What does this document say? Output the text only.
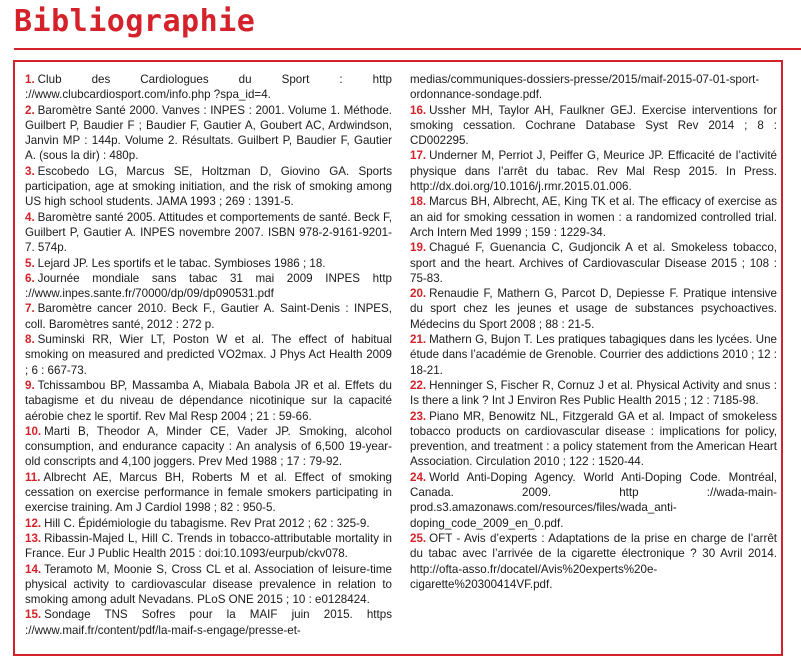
Bibliographie
1. Club des Cardiologues du Sport : http ://www.clubcardiosport.com/info.php ?spa_id=4.
2. Baromètre Santé 2000. Vanves : INPES : 2001. Volume 1. Méthode. Guilbert P, Baudier F ; Baudier F, Gautier A, Goubert AC, Ardwindson, Janvin MP : 144p. Volume 2. Résultats. Guilbert P, Baudier F, Gautier A. (sous la dir) : 480p.
3. Escobedo LG, Marcus SE, Holtzman D, Giovino GA. Sports participation, age at smoking initiation, and the risk of smoking among US high school students. JAMA 1993 ; 269 : 1391-5.
4. Baromètre santé 2005. Attitudes et comportements de santé. Beck F, Guilbert P, Gautier A. INPES novembre 2007. ISBN 978-2-9161-9201-7. 574p.
5. Lejard JP. Les sportifs et le tabac. Symbioses 1986 ; 18.
6. Journée mondiale sans tabac 31 mai 2009 INPES http ://www.inpes.sante.fr/70000/dp/09/dp090531.pdf
7. Baromètre cancer 2010. Beck F., Gautier A. Saint-Denis : INPES, coll. Baromètres santé, 2012 : 272 p.
8. Suminski RR, Wier LT, Poston W et al. The effect of habitual smoking on measured and predicted VO2max. J Phys Act Health 2009 ; 6 : 667-73.
9. Tchissambou BP, Massamba A, Miabala Babola JR et al. Effets du tabagisme et du niveau de dépendance nicotinique sur la capacité aérobie chez le sportif. Rev Mal Resp 2004 ; 21 : 59-66.
10. Marti B, Theodor A, Minder CE, Vader JP. Smoking, alcohol consumption, and endurance capacity : An analysis of 6,500 19-year-old conscripts and 4,100 joggers. Prev Med 1988 ; 17 : 79-92.
11. Albrecht AE, Marcus BH, Roberts M et al. Effect of smoking cessation on exercise performance in female smokers participating in exercise training. Am J Cardiol 1998 ; 82 : 950-5.
12. Hill C. Épidémiologie du tabagisme. Rev Prat 2012 ; 62 : 325-9.
13. Ribassin-Majed L, Hill C. Trends in tobacco-attributable mortality in France. Eur J Public Health 2015 : doi:10.1093/eurpub/ckv078.
14. Teramoto M, Moonie S, Cross CL et al. Association of leisure-time physical activity to cardiovascular disease prevalence in relation to smoking among adult Nevadans. PLoS ONE 2015 ; 10 : e0128424.
15. Sondage TNS Sofres pour la MAIF juin 2015. https ://www.maif.fr/content/pdf/la-maif-s-engage/presse-et-medias/communiques-dossiers-presse/2015/maif-2015-07-01-sport-ordonnance-sondage.pdf.
16. Ussher MH, Taylor AH, Faulkner GEJ. Exercise interventions for smoking cessation. Cochrane Database Syst Rev 2014 ; 8 : CD002295.
17. Underner M, Perriot J, Peiffer G, Meurice JP. Efficacité de l’activité physique dans l’arrêt du tabac. Rev Mal Resp 2015. In Press. http://dx.doi.org/10.1016/j.rmr.2015.01.006.
18. Marcus BH, Albrecht, AE, King TK et al. The efficacy of exercise as an aid for smoking cessation in women : a randomized controlled trial. Arch Intern Med 1999 ; 159 : 1229-34.
19. Chagué F, Guenancia C, Gudjoncik A et al. Smokeless tobacco, sport and the heart. Archives of Cardiovascular Disease 2015 ; 108 : 75-83.
20. Renaudie F, Mathern G, Parcot D, Depiesse F. Pratique intensive du sport chez les jeunes et usage de substances psychoactives. Médecins du Sport 2008 ; 88 : 21-5.
21. Mathern G, Bujon T. Les pratiques tabagiques dans les lycées. Une étude dans l’académie de Grenoble. Courrier des addictions 2010 ; 12 : 18-21.
22. Henninger S, Fischer R, Cornuz J et al. Physical Activity and snus : Is there a link ? Int J Environ Res Public Health 2015 ; 12 : 7185-98.
23. Piano MR, Benowitz NL, Fitzgerald GA et al. Impact of smokeless tobacco products on cardiovascular disease : implications for policy, prevention, and treatment : a policy statement from the American Heart Association. Circulation 2010 ; 122 : 1520-44.
24. World Anti-Doping Agency. World Anti-Doping Code. Montréal, Canada. 2009. http ://wada-main-prod.s3.amazonaws.com/resources/files/wada_anti-doping_code_2009_en_0.pdf.
25. OFT - Avis d’experts : Adaptations de la prise en charge de l’arrêt du tabac avec l’arrivée de la cigarette électronique ? 30 Avril 2014. http://ofta-asso.fr/docatel/Avis%20experts%20e-cigarette%20300414VF.pdf.
